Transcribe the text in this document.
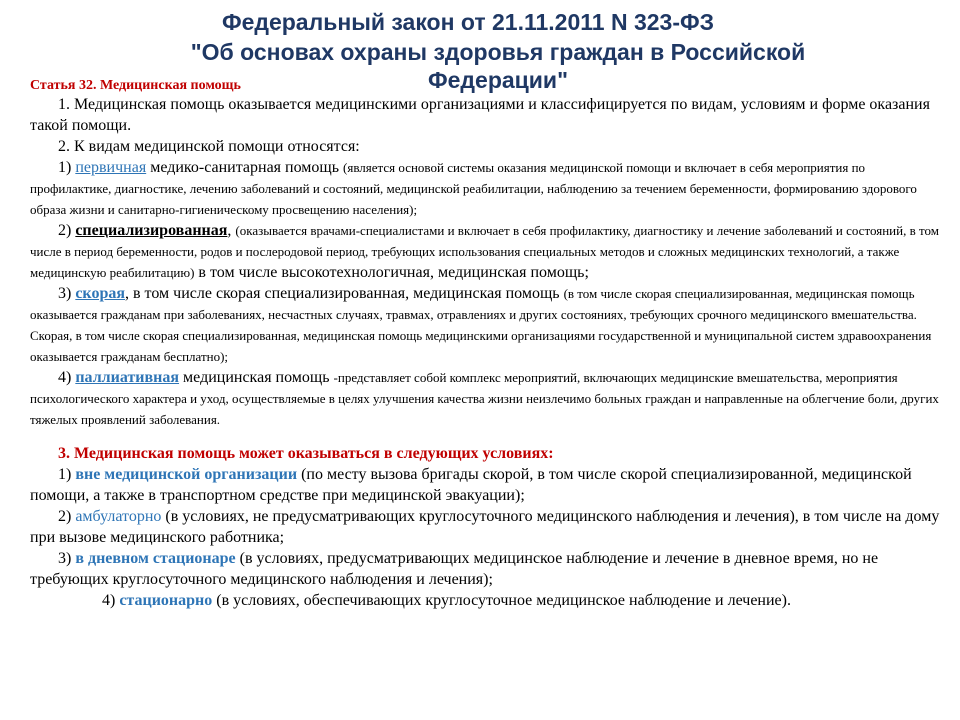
Федеральный закон от 21.11.2011 N 323-ФЗ
"Об основах охраны здоровья граждан в Российской
Федерации"

Статья 32. Медицинская помощь

1. Медицинская помощь оказывается медицинскими организациями и классифицируется по видам, условиям и форме оказания такой помощи.

2. К видам медицинской помощи относятся:

1) первичная медико-санитарная помощь (является основой системы оказания медицинской помощи и включает в себя мероприятия по профилактике, диагностике, лечению заболеваний и состояний, медицинской реабилитации, наблюдению за течением беременности, формированию здорового образа жизни и санитарно-гигиеническому просвещению населения);

2) специализированная, (оказывается врачами-специалистами и включает в себя профилактику, диагностику и лечение заболеваний и состояний, в том числе в период беременности, родов и послеродовой период, требующих использования специальных методов и сложных медицинских технологий, а также медицинскую реабилитацию) в том числе высокотехнологичная, медицинская помощь;

3) скорая, в том числе скорая специализированная, медицинская помощь (в том числе скорая специализированная, медицинская помощь оказывается гражданам при заболеваниях, несчастных случаях, травмах, отравлениях и других состояниях, требующих срочного медицинского вмешательства. Скорая, в том числе скорая специализированная, медицинская помощь медицинскими организациями государственной и муниципальной систем здравоохранения оказывается гражданам бесплатно);

4) паллиативная медицинская помощь -представляет собой комплекс мероприятий, включающих медицинские вмешательства, мероприятия психологического характера и уход, осуществляемые в целях улучшения качества жизни неизлечимо больных граждан и направленные на облегчение боли, других тяжелых проявлений заболевания.

3. Медицинская помощь может оказываться в следующих условиях:

1) вне медицинской организации (по месту вызова бригады скорой, в том числе скорой специализированной, медицинской помощи, а также в транспортном средстве при медицинской эвакуации);

2) амбулаторно (в условиях, не предусматривающих круглосуточного медицинского наблюдения и лечения), в том числе на дому при вызове медицинского работника;

3) в дневном стационаре (в условиях, предусматривающих медицинское наблюдение и лечение в дневное время, но не требующих круглосуточного медицинского наблюдения и лечения);

4) стационарно (в условиях, обеспечивающих круглосуточное медицинское наблюдение и лечение).
